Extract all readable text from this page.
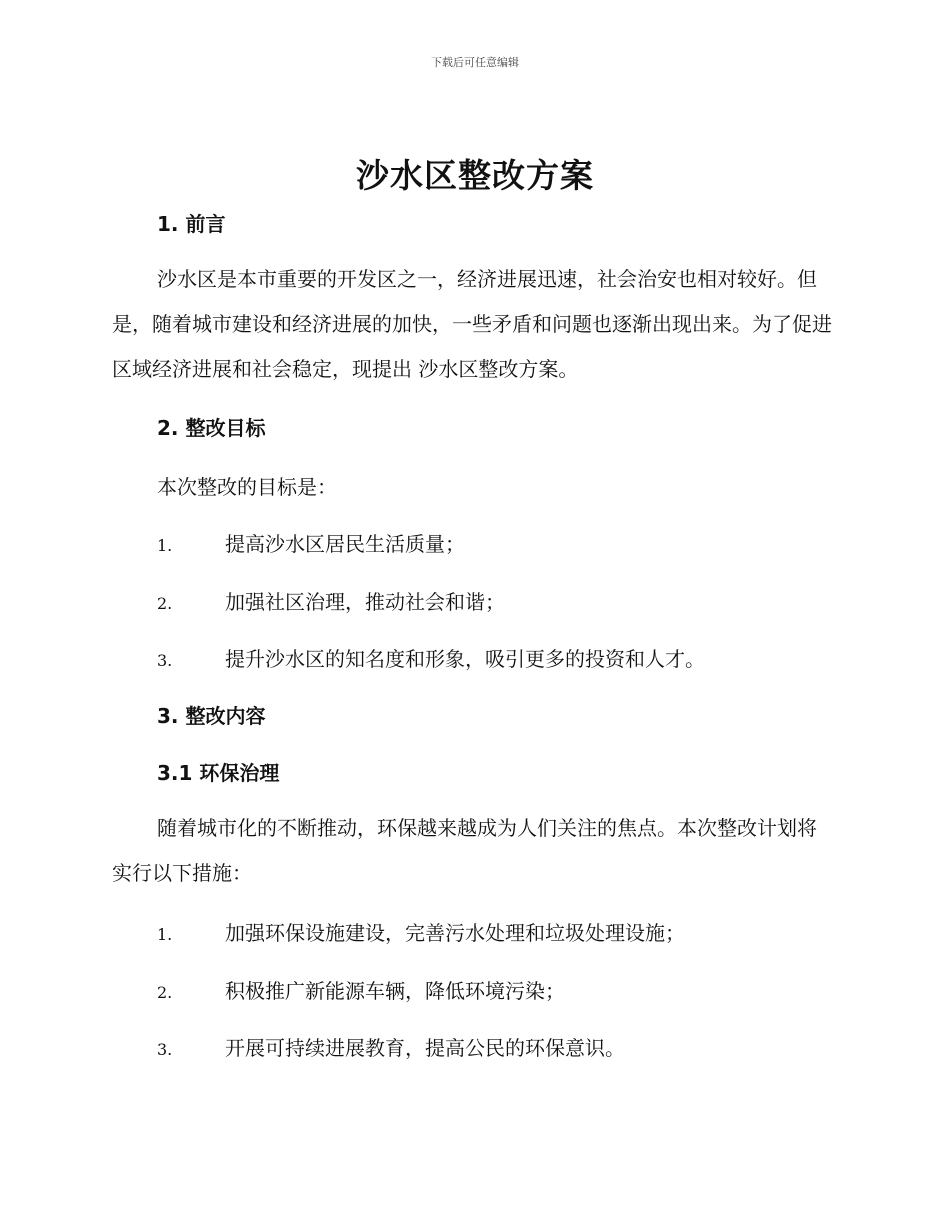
下载后可任意编辑
沙水区整改方案
1. 前言

沙水区是本市重要的开发区之一，经济进展迅速，社会治安也相对较好。但是，随着城市建设和经济进展的加快，一些矛盾和问题也逐渐出现出来。为了促进区域经济进展和社会稳定，现提出 沙水区整改方案。

2. 整改目标

本次整改的目标是：

1.	提高沙水区居民生活质量；
2.	加强社区治理，推动社会和谐；
3.	提升沙水区的知名度和形象，吸引更多的投资和人才。
3. 整改内容
3.1 环保治理

随着城市化的不断推动，环保越来越成为人们关注的焦点。本次整改计划将实行以下措施：

1.	加强环保设施建设，完善污水处理和垃圾处理设施；
2.	积极推广新能源车辆，降低环境污染；
3.	开展可持续进展教育，提高公民的环保意识。
